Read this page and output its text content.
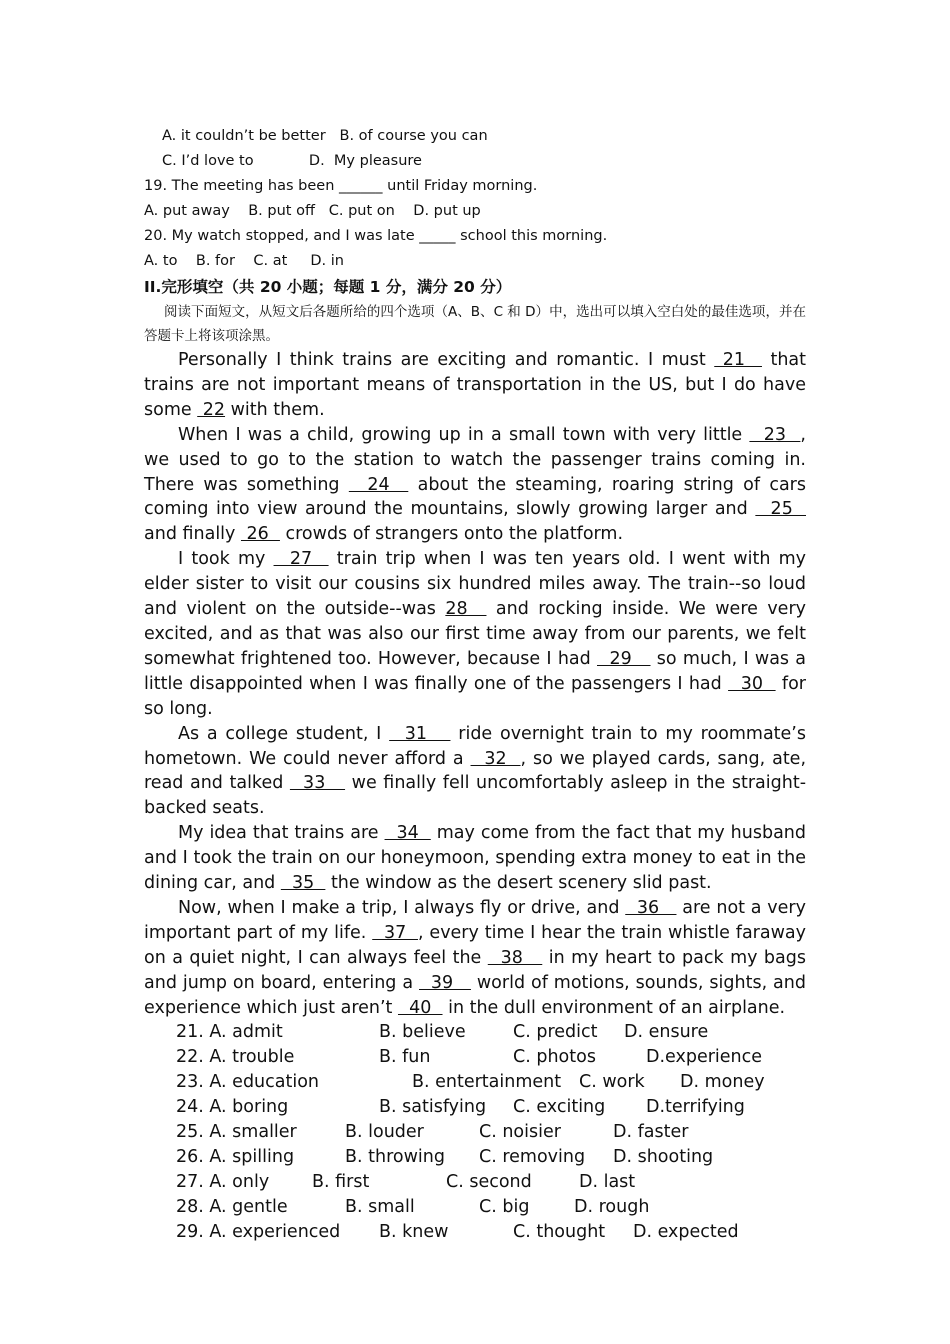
A. it couldn’t be better   B. of course you can
C. I’d love to            D.  My pleasure
19. The meeting has been ______ until Friday morning.
A. put away    B. put off   C. put on    D. put up
20. My watch stopped, and I was late _____ school this morning.
A. to    B. for    C. at     D. in
II.完形填空（共 20 小题；每题 1 分，满分 20 分）
阅读下面短文，从短文后各题所给的四个选项（A、B、C 和 D）中，选出可以填入空白处的最佳选项，并在答题卡上将该项涂黑。

Personally I think trains are exciting and romantic. I must  21   that trains are not important means of transportation in the US, but I do have some  22 with them.

When I was a child, growing up in a small town with very little   23  , we used to go to the station to watch the passenger trains coming in. There was something   24   about the steaming, roaring string of cars coming into view around the mountains, slowly growing larger and   25   and finally  26   crowds of strangers onto the platform.

I took my   27   train trip when I was ten years old. I went with my elder sister to visit our cousins six hundred miles away. The train--so loud and violent on the outside--was 28   and rocking inside. We were very excited, and as that was also our first time away from our parents, we felt somewhat frightened too. However, because I had   29    so much, I was a little disappointed when I was finally one of the passengers I had   30   for so long.

As a college student, I   31    ride overnight train to my roommate’s hometown. We could never afford a   32  , so we played cards, sang, ate, read and talked   33    we finally fell uncomfortably asleep in the straight-backed seats.

My idea that trains are   34   may come from the fact that my husband and I took the train on our honeymoon, spending extra money to eat in the dining car, and   35   the window as the desert scenery slid past.

Now, when I make a trip, I always fly or drive, and   36    are not a very important part of my life.   37  , every time I hear the train whistle faraway on a quiet night, I can always feel the   38    in my heart to pack my bags and jump on board, entering a   39    world of motions, sounds, sights, and experience which just aren’t   40   in the dull environment of an airplane.

21. A. admit	B. believe	C. predict D. ensure
22. A. trouble	B. fun	C. photos	D.experience
23. A. education	B. entertainment C. work D. money
24. A. boring	B. satisfying C. exciting D.terrifying
25. A. smaller	B. louder	C. noisier	D. faster
26. A. spilling	B. throwing C. removing D. shooting
27. A. only B. first	C. second	D. last
28. A. gentle	B. small	C. big	D. rough
29. A. experienced B. knew	C. thought D. expected
